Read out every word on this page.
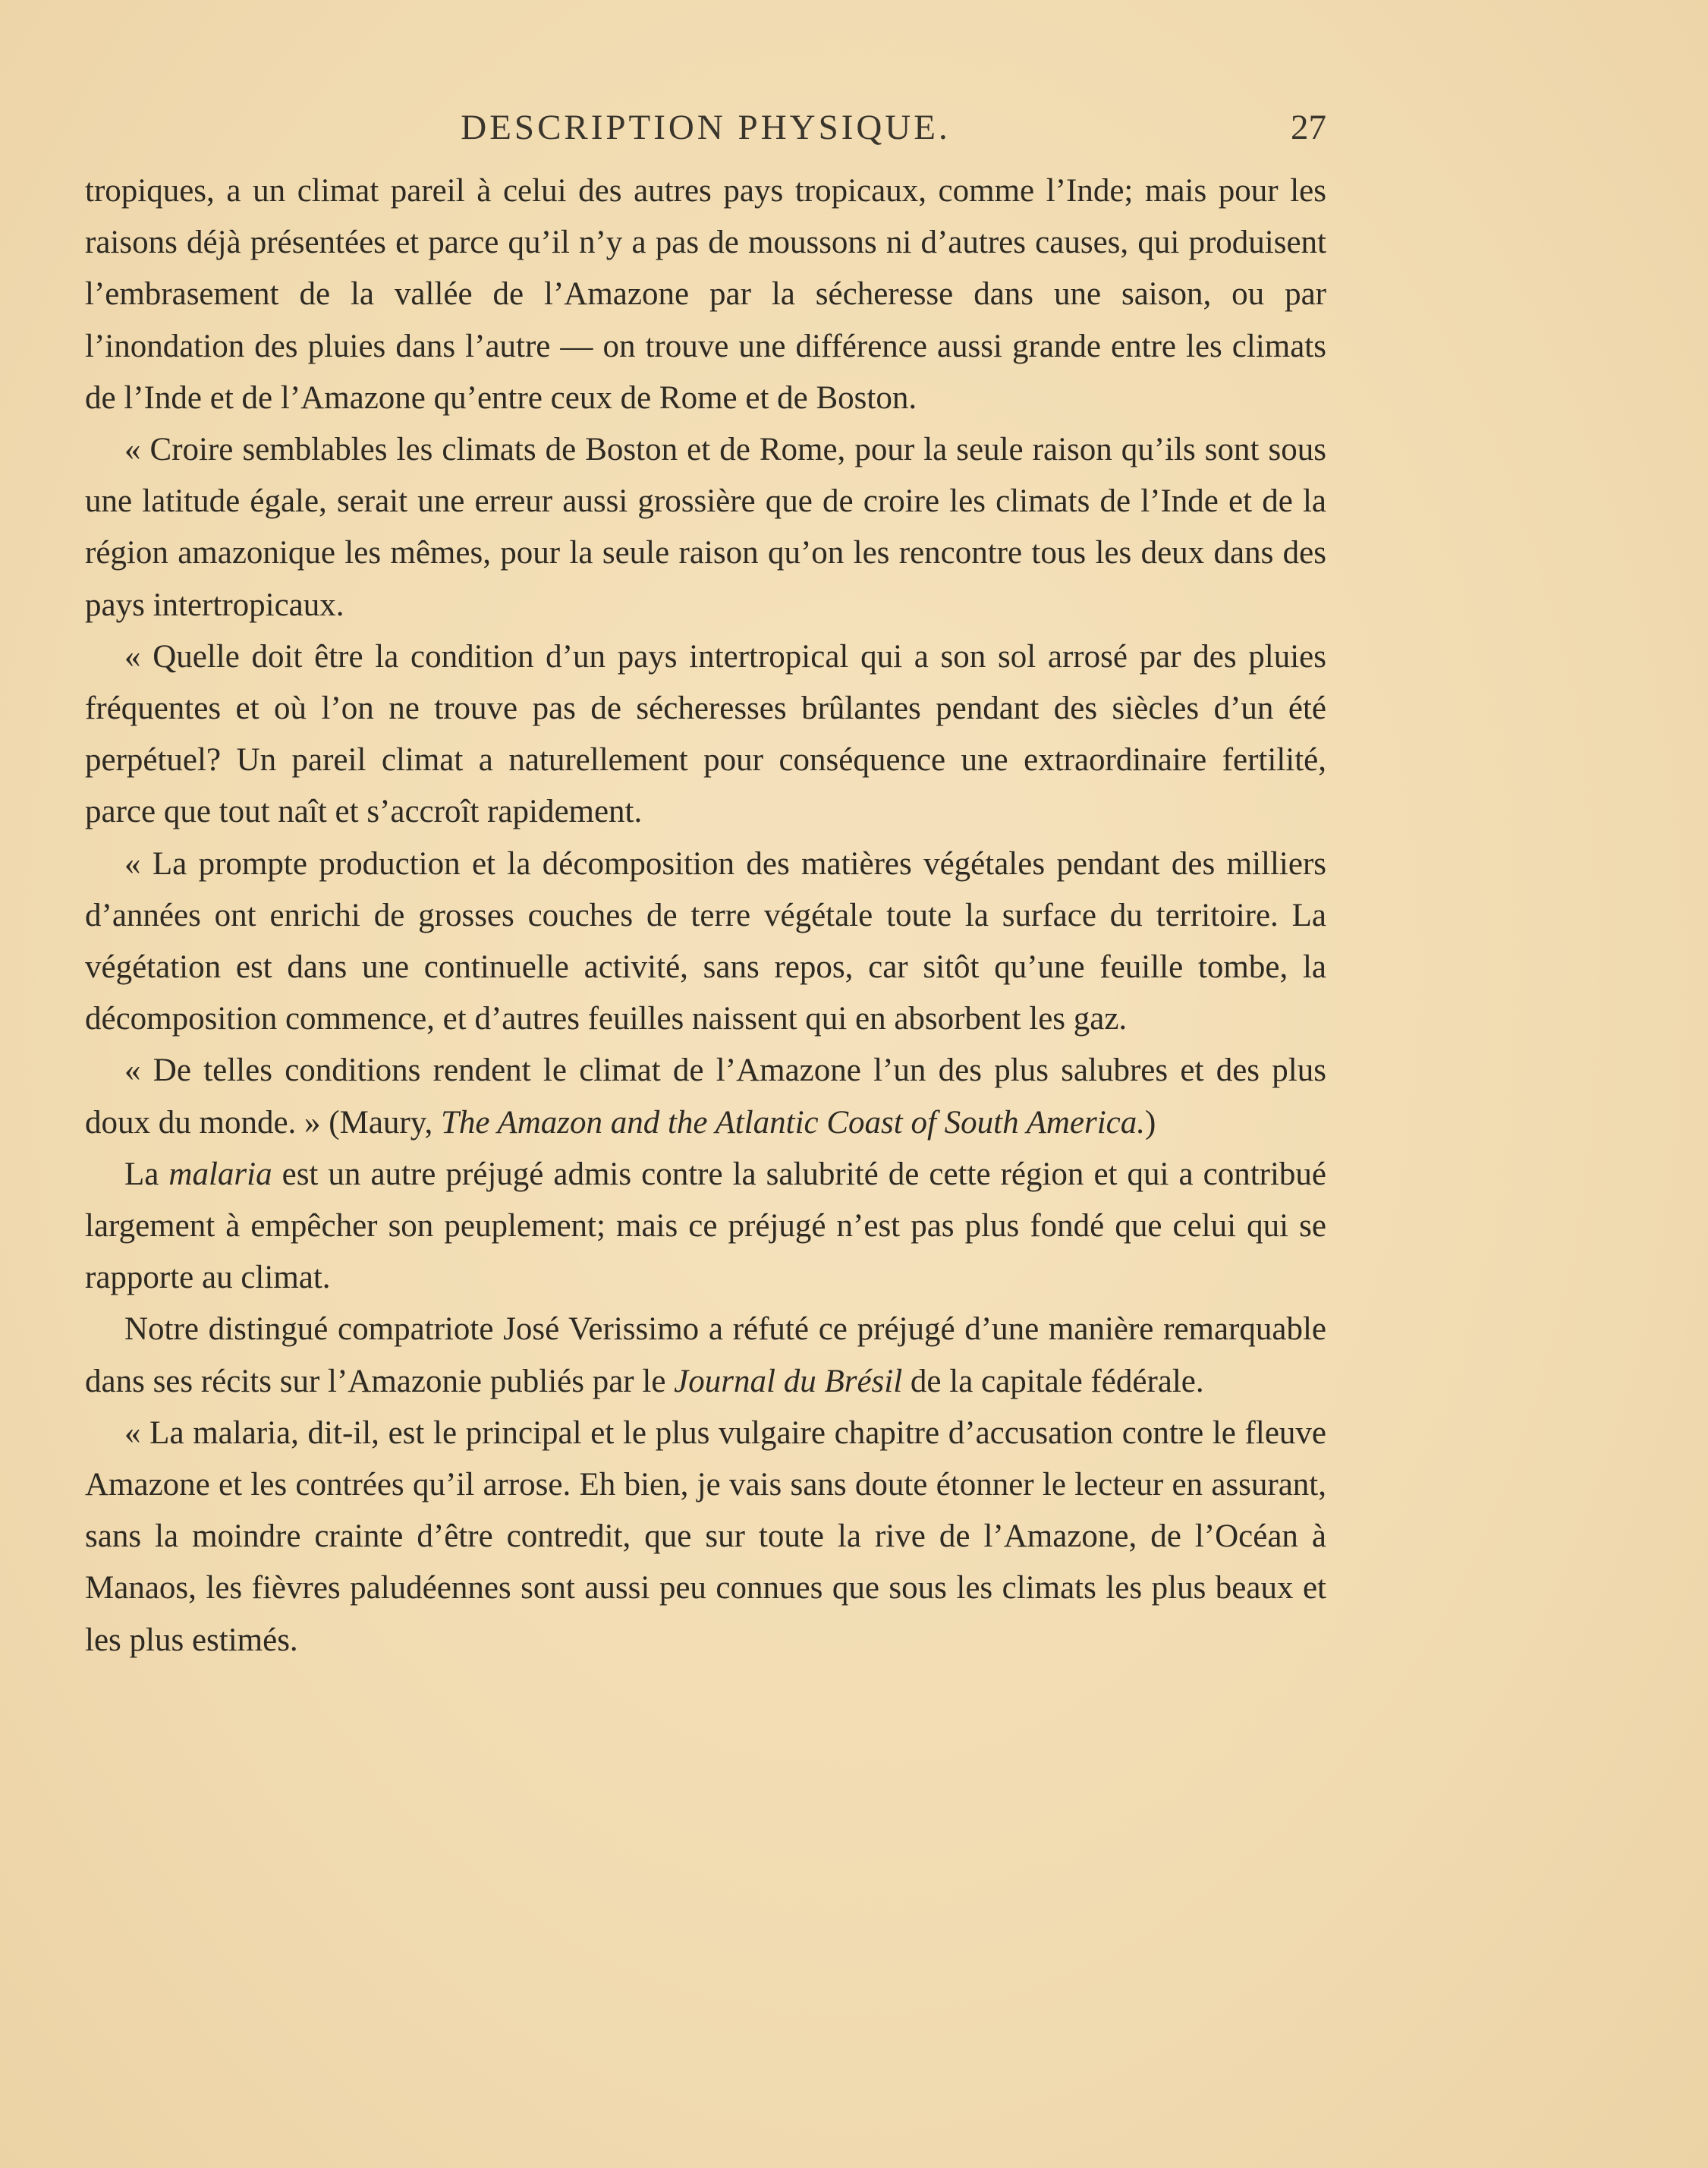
DESCRIPTION PHYSIQUE.	27

tropiques, a un climat pareil à celui des autres pays tropicaux, comme l’Inde; mais pour les raisons déjà présentées et parce qu’il n’y a pas de moussons ni d’autres causes, qui produisent l’embrasement de la vallée de l’Amazone par la sécheresse dans une saison, ou par l’inondation des pluies dans l’autre — on trouve une différence aussi grande entre les climats de l’Inde et de l’Amazone qu’entre ceux de Rome et de Boston.

« Croire semblables les climats de Boston et de Rome, pour la seule raison qu’ils sont sous une latitude égale, serait une erreur aussi grossière que de croire les climats de l’Inde et de la région amazonique les mêmes, pour la seule raison qu’on les rencontre tous les deux dans des pays intertropicaux.

« Quelle doit être la condition d’un pays intertropical qui a son sol arrosé par des pluies fréquentes et où l’on ne trouve pas de sécheresses brûlantes pendant des siècles d’un été perpétuel? Un pareil climat a naturellement pour conséquence une extraordinaire fertilité, parce que tout naît et s’accroît rapidement.

« La prompte production et la décomposition des matières végétales pendant des milliers d’années ont enrichi de grosses couches de terre végétale toute la surface du territoire. La végétation est dans une continuelle activité, sans repos, car sitôt qu’une feuille tombe, la décomposition commence, et d’autres feuilles naissent qui en absorbent les gaz.

« De telles conditions rendent le climat de l’Amazone l’un des plus salubres et des plus doux du monde. » (Maury, The Amazon and the Atlantic Coast of South America.)

La malaria est un autre préjugé admis contre la salubrité de cette région et qui a contribué largement à empêcher son peuplement; mais ce préjugé n’est pas plus fondé que celui qui se rapporte au climat.

Notre distingué compatriote José Verissimo a réfuté ce préjugé d’une manière remarquable dans ses récits sur l’Amazonie publiés par le Journal du Brésil de la capitale fédérale.

« La malaria, dit-il, est le principal et le plus vulgaire chapitre d’accusation contre le fleuve Amazone et les contrées qu’il arrose. Eh bien, je vais sans doute étonner le lecteur en assurant, sans la moindre crainte d’être contredit, que sur toute la rive de l’Amazone, de l’Océan à Manaos, les fièvres paludéennes sont aussi peu connues que sous les climats les plus beaux et les plus estimés.
